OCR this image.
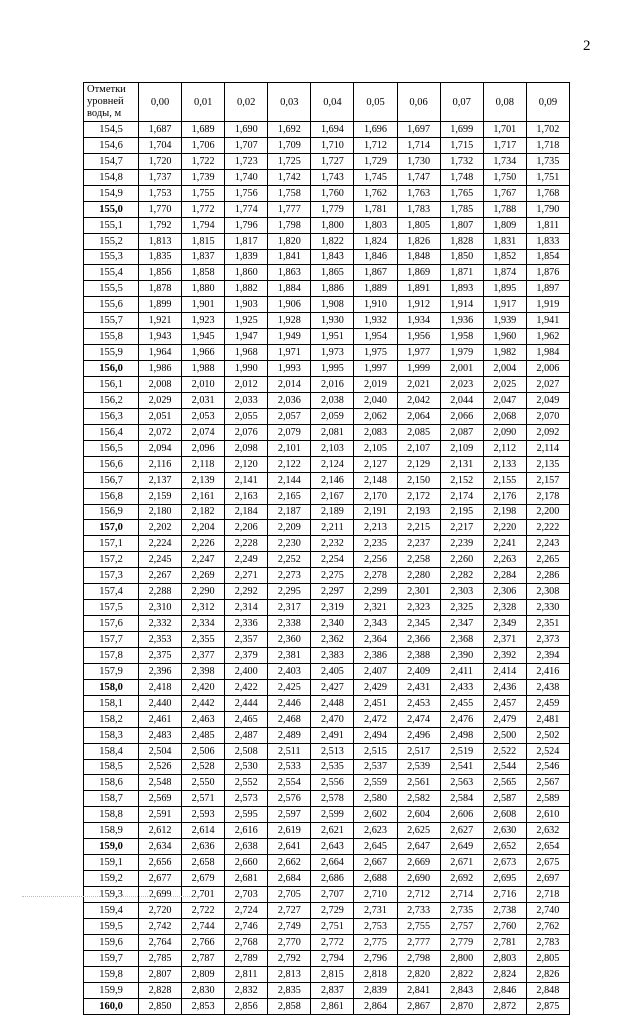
2
Отметки уровней воды, м	0,00	0,01	0,02	0,03	0,04	0,05	0,06	0,07	0,08	0,09
154,5	1,687	1,689	1,690	1,692	1,694	1,696	1,697	1,699	1,701	1,702
154,6	1,704	1,706	1,707	1,709	1,710	1,712	1,714	1,715	1,717	1,718
154,7	1,720	1,722	1,723	1,725	1,727	1,729	1,730	1,732	1,734	1,735
154,8	1,737	1,739	1,740	1,742	1,743	1,745	1,747	1,748	1,750	1,751
154,9	1,753	1,755	1,756	1,758	1,760	1,762	1,763	1,765	1,767	1,768
155,0	1,770	1,772	1,774	1,777	1,779	1,781	1,783	1,785	1,788	1,790
155,1	1,792	1,794	1,796	1,798	1,800	1,803	1,805	1,807	1,809	1,811
155,2	1,813	1,815	1,817	1,820	1,822	1,824	1,826	1,828	1,831	1,833
155,3	1,835	1,837	1,839	1,841	1,843	1,846	1,848	1,850	1,852	1,854
155,4	1,856	1,858	1,860	1,863	1,865	1,867	1,869	1,871	1,874	1,876
155,5	1,878	1,880	1,882	1,884	1,886	1,889	1,891	1,893	1,895	1,897
155,6	1,899	1,901	1,903	1,906	1,908	1,910	1,912	1,914	1,917	1,919
155,7	1,921	1,923	1,925	1,928	1,930	1,932	1,934	1,936	1,939	1,941
155,8	1,943	1,945	1,947	1,949	1,951	1,954	1,956	1,958	1,960	1,962
155,9	1,964	1,966	1,968	1,971	1,973	1,975	1,977	1,979	1,982	1,984
156,0	1,986	1,988	1,990	1,993	1,995	1,997	1,999	2,001	2,004	2,006
156,1	2,008	2,010	2,012	2,014	2,016	2,019	2,021	2,023	2,025	2,027
156,2	2,029	2,031	2,033	2,036	2,038	2,040	2,042	2,044	2,047	2,049
156,3	2,051	2,053	2,055	2,057	2,059	2,062	2,064	2,066	2,068	2,070
156,4	2,072	2,074	2,076	2,079	2,081	2,083	2,085	2,087	2,090	2,092
156,5	2,094	2,096	2,098	2,101	2,103	2,105	2,107	2,109	2,112	2,114
156,6	2,116	2,118	2,120	2,122	2,124	2,127	2,129	2,131	2,133	2,135
156,7	2,137	2,139	2,141	2,144	2,146	2,148	2,150	2,152	2,155	2,157
156,8	2,159	2,161	2,163	2,165	2,167	2,170	2,172	2,174	2,176	2,178
156,9	2,180	2,182	2,184	2,187	2,189	2,191	2,193	2,195	2,198	2,200
157,0	2,202	2,204	2,206	2,209	2,211	2,213	2,215	2,217	2,220	2,222
157,1	2,224	2,226	2,228	2,230	2,232	2,235	2,237	2,239	2,241	2,243
157,2	2,245	2,247	2,249	2,252	2,254	2,256	2,258	2,260	2,263	2,265
157,3	2,267	2,269	2,271	2,273	2,275	2,278	2,280	2,282	2,284	2,286
157,4	2,288	2,290	2,292	2,295	2,297	2,299	2,301	2,303	2,306	2,308
157,5	2,310	2,312	2,314	2,317	2,319	2,321	2,323	2,325	2,328	2,330
157,6	2,332	2,334	2,336	2,338	2,340	2,343	2,345	2,347	2,349	2,351
157,7	2,353	2,355	2,357	2,360	2,362	2,364	2,366	2,368	2,371	2,373
157,8	2,375	2,377	2,379	2,381	2,383	2,386	2,388	2,390	2,392	2,394
157,9	2,396	2,398	2,400	2,403	2,405	2,407	2,409	2,411	2,414	2,416
158,0	2,418	2,420	2,422	2,425	2,427	2,429	2,431	2,433	2,436	2,438
158,1	2,440	2,442	2,444	2,446	2,448	2,451	2,453	2,455	2,457	2,459
158,2	2,461	2,463	2,465	2,468	2,470	2,472	2,474	2,476	2,479	2,481
158,3	2,483	2,485	2,487	2,489	2,491	2,494	2,496	2,498	2,500	2,502
158,4	2,504	2,506	2,508	2,511	2,513	2,515	2,517	2,519	2,522	2,524
158,5	2,526	2,528	2,530	2,533	2,535	2,537	2,539	2,541	2,544	2,546
158,6	2,548	2,550	2,552	2,554	2,556	2,559	2,561	2,563	2,565	2,567
158,7	2,569	2,571	2,573	2,576	2,578	2,580	2,582	2,584	2,587	2,589
158,8	2,591	2,593	2,595	2,597	2,599	2,602	2,604	2,606	2,608	2,610
158,9	2,612	2,614	2,616	2,619	2,621	2,623	2,625	2,627	2,630	2,632
159,0	2,634	2,636	2,638	2,641	2,643	2,645	2,647	2,649	2,652	2,654
159,1	2,656	2,658	2,660	2,662	2,664	2,667	2,669	2,671	2,673	2,675
159,2	2,677	2,679	2,681	2,684	2,686	2,688	2,690	2,692	2,695	2,697
159,3	2,699	2,701	2,703	2,705	2,707	2,710	2,712	2,714	2,716	2,718
159,4	2,720	2,722	2,724	2,727	2,729	2,731	2,733	2,735	2,738	2,740
159,5	2,742	2,744	2,746	2,749	2,751	2,753	2,755	2,757	2,760	2,762
159,6	2,764	2,766	2,768	2,770	2,772	2,775	2,777	2,779	2,781	2,783
159,7	2,785	2,787	2,789	2,792	2,794	2,796	2,798	2,800	2,803	2,805
159,8	2,807	2,809	2,811	2,813	2,815	2,818	2,820	2,822	2,824	2,826
159,9	2,828	2,830	2,832	2,835	2,837	2,839	2,841	2,843	2,846	2,848
160,0	2,850	2,853	2,856	2,858	2,861	2,864	2,867	2,870	2,872	2,875
